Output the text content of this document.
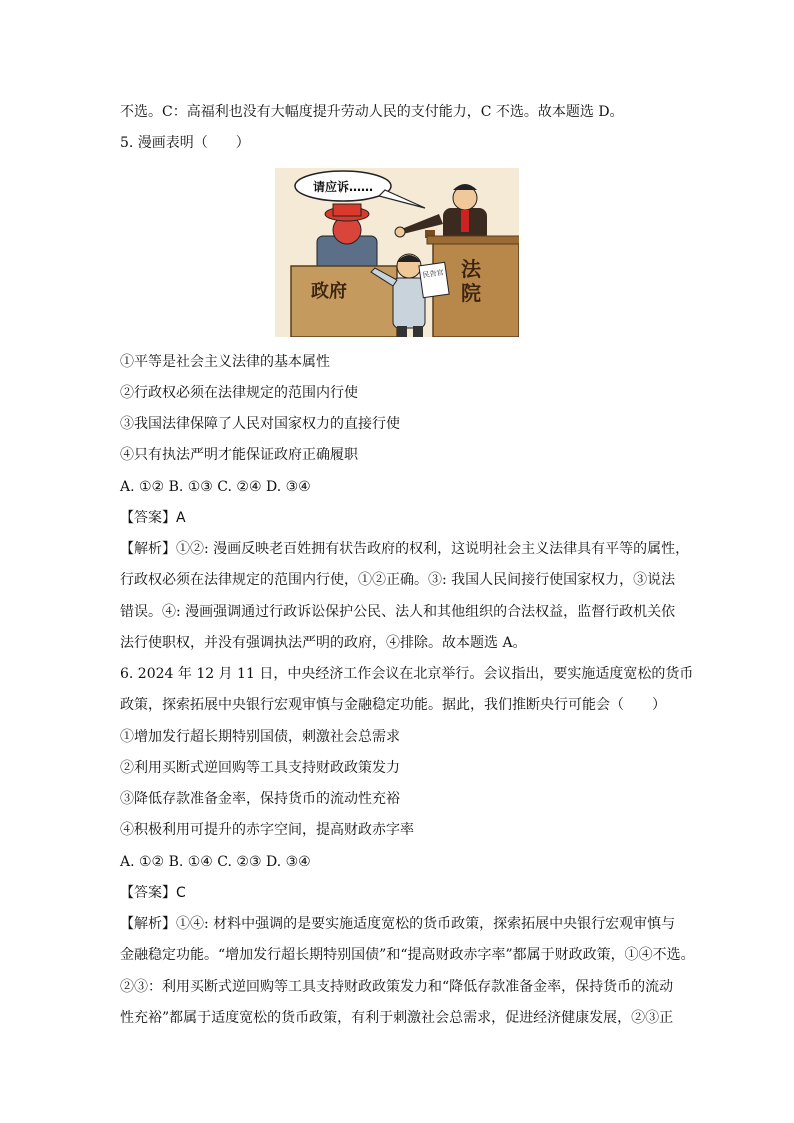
不选。C：高福利也没有大幅度提升劳动人民的支付能力，C 不选。故本题选 D。
5. 漫画表明（　　）
请应诉……
法
院
政府
民告官
①平等是社会主义法律的基本属性
②行政权必须在法律规定的范围内行使
③我国法律保障了人民对国家权力的直接行使
④只有执法严明才能保证政府正确履职
A. ①② B. ①③ C. ②④ D. ③④
【答案】A
【解析】①②: 漫画反映老百姓拥有状告政府的权利，这说明社会主义法律具有平等的属性，
行政权必须在法律规定的范围内行使，①②正确。③: 我国人民间接行使国家权力，③说法
错误。④: 漫画强调通过行政诉讼保护公民、法人和其他组织的合法权益，监督行政机关依
法行使职权，并没有强调执法严明的政府，④排除。故本题选 A。
6. 2024 年 12 月 11 日，中央经济工作会议在北京举行。会议指出，要实施适度宽松的货币
政策，探索拓展中央银行宏观审慎与金融稳定功能。据此，我们推断央行可能会（　　）
①增加发行超长期特别国债，刺激社会总需求
②利用买断式逆回购等工具支持财政政策发力
③降低存款准备金率，保持货币的流动性充裕
④积极利用可提升的赤字空间，提高财政赤字率
A. ①② B. ①④ C. ②③ D. ③④
【答案】C
【解析】①④: 材料中强调的是要实施适度宽松的货币政策，探索拓展中央银行宏观审慎与
金融稳定功能。“增加发行超长期特别国债”和“提高财政赤字率”都属于财政政策，①④不选。
②③：利用买断式逆回购等工具支持财政政策发力和“降低存款准备金率，保持货币的流动
性充裕”都属于适度宽松的货币政策，有利于刺激社会总需求，促进经济健康发展，②③正
